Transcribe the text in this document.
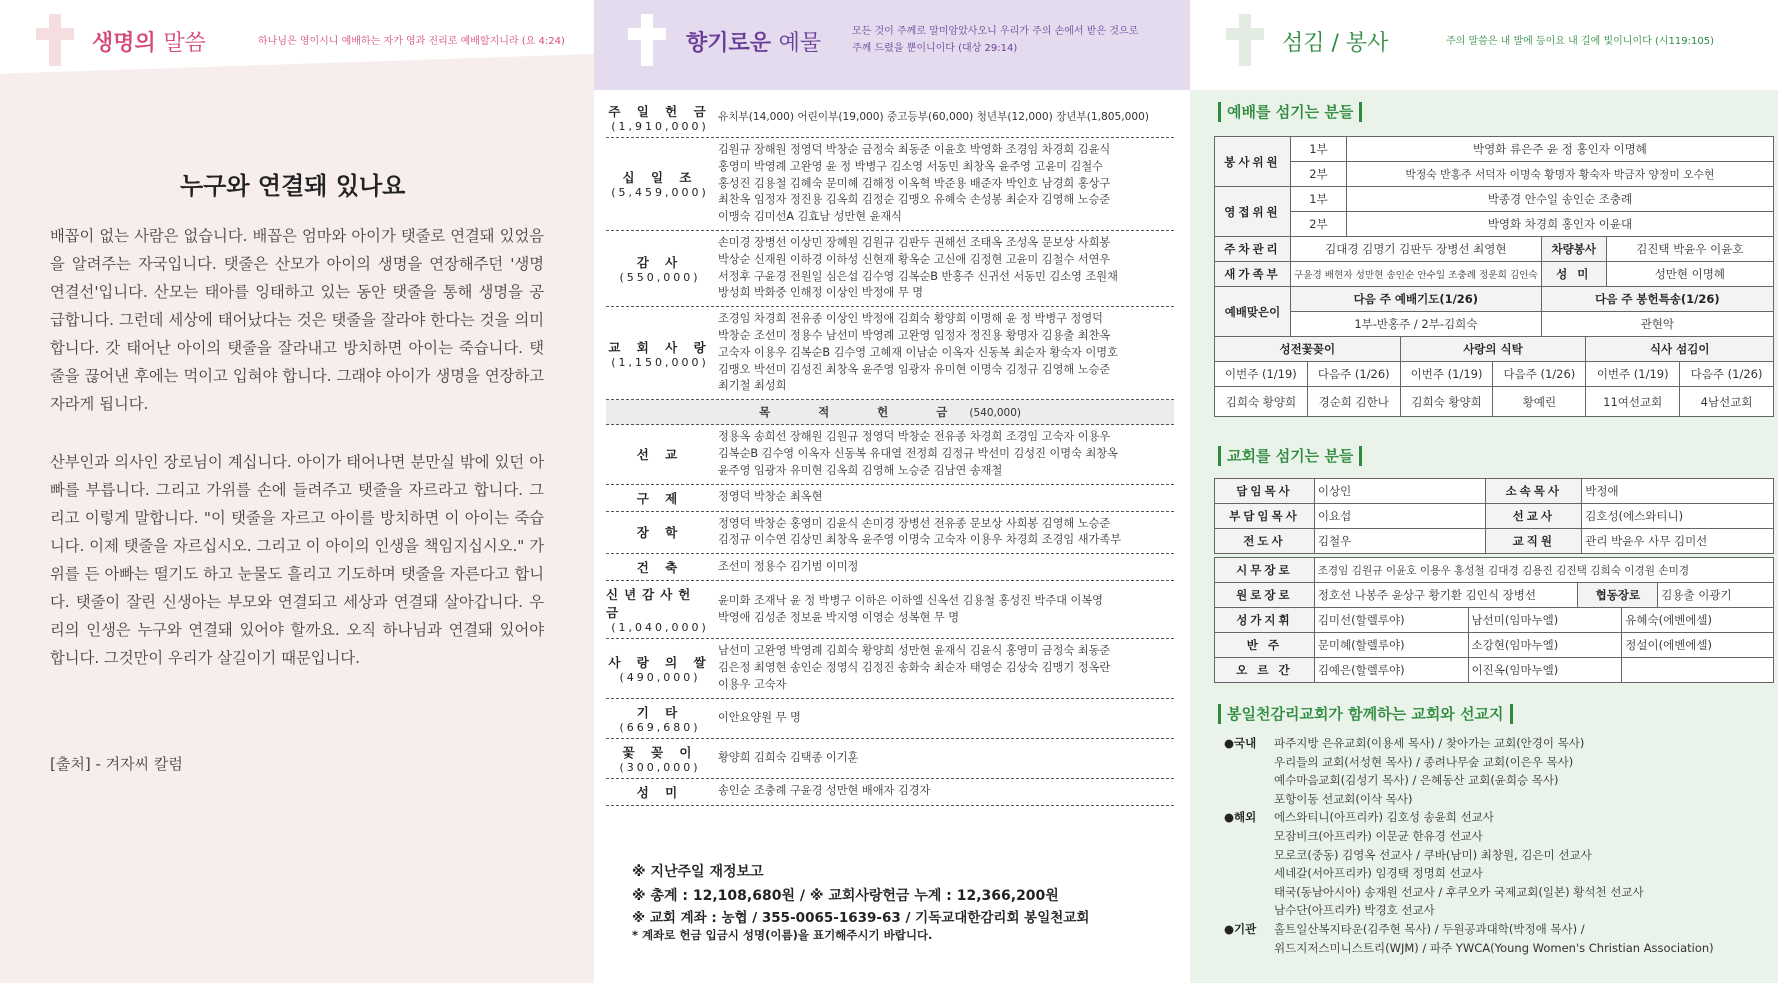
생명의 말씀	하나님은 영이시니 예배하는 자가 영과 진리로 예배할지니라 (요 4:24)
누구와 연결돼 있나요
배꼽이 없는 사람은 없습니다. 배꼽은 엄마와 아이가 탯줄로 연결돼 있었음을 알려주는 자국입니다. 탯줄은 산모가 아이의 생명을 연장해주던 '생명 연결선'입니다. 산모는 태아를 잉태하고 있는 동안 탯줄을 통해 생명을 공급합니다. 그런데 세상에 태어났다는 것은 탯줄을 잘라야 한다는 것을 의미합니다. 갓 태어난 아이의 탯줄을 잘라내고 방치하면 아이는 죽습니다. 탯줄을 끊어낸 후에는 먹이고 입혀야 합니다. 그래야 아이가 생명을 연장하고 자라게 됩니다.
산부인과 의사인 장로님이 계십니다. 아이가 태어나면 분만실 밖에 있던 아빠를 부릅니다. 그리고 가위를 손에 들려주고 탯줄을 자르라고 합니다. 그리고 이렇게 말합니다. "이 탯줄을 자르고 아이를 방치하면 이 아이는 죽습니다. 이제 탯줄을 자르십시오. 그리고 이 아이의 인생을 책임지십시오." 가위를 든 아빠는 떨기도 하고 눈물도 흘리고 기도하며 탯줄을 자른다고 합니다. 탯줄이 잘린 신생아는 부모와 연결되고 세상과 연결돼 살아갑니다. 우리의 인생은 누구와 연결돼 있어야 할까요. 오직 하나님과 연결돼 있어야 합니다. 그것만이 우리가 살길이기 때문입니다.
[출처] - 겨자씨 칼럼
향기로운 예물	모든 것이 주께로 말미암았사오니 우리가 주의 손에서 받은 것으로
주께 드렸을 뿐이니이다 (대상 29:14)
주 일 헌 금
(1,910,000)
유치부(14,000) 어린이부(19,000) 중고등부(60,000) 청년부(12,000) 장년부(1,805,000)
십 일 조
(5,459,000)
김원규 장해원 정영덕 박창순 금정숙 최동준 이윤호 박영화 조경임 차경희 김윤식
홍영미 박영례 고완영 윤 정 박병구 김소영 서동민 최창옥 윤주영 고윤미 김철수
홍성진 김용철 김혜숙 문미혜 김해정 이옥혁 박준용 배준자 박인호 남경희 홍상구
최찬옥 임정자 정진용 김옥희 김정순 김맹오 유혜숙 손성봉 최순자 김영해 노승준
이맹숙 김미선A 김효남 성만현 윤재식
감 사
(550,000)
손미경 장병선 이상민 장혜원 김원규 김판두 권해선 조태옥 조성옥 문보상 사희봉
박상순 신재원 이하경 이하성 신현재 황옥순 고신애 김정현 고윤미 김철수 서연우
서정후 구윤경 전원일 심은섭 김수영 김복순B 반홍주 신귀선 서동민 김소영 조원채
방성희 박화중 인해정 이상인 박정애 무 명
교 회 사 랑
(1,150,000)
조경임 차경희 전유종 이상인 박정애 김희숙 황양희 이명해 윤 정 박병구 정영덕
박창순 조선미 정용수 남선미 박영례 고완영 임정자 정진용 황명자 김용출 최찬옥
고숙자 이용우 김복순B 김수영 고혜재 이남순 이옥자 신동복 최순자 황숙자 이명호
김맹오 박선미 김성진 최창옥 윤주영 임광자 유미현 이명숙 김정규 김영해 노승준
최기철 최성희
목 적 헌 금(540,000)
선 교
정용옥 송희선 장해원 김원규 정영덕 박창순 전유종 차경희 조경임 고숙자 이용우
김복순B 김수영 이옥자 신동복 유대열 전정희 김정규 박선미 김성진 이명숙 최창옥
윤주영 임광자 유미현 김옥희 김영해 노승준 김남연 송재철
구 제	정영덕 박창순 최옥현
장 학
정영덕 박창순 홍영미 김윤식 손미경 장병선 전유종 문보상 사희봉 김영해 노승준
김정규 이수연 김상민 최창옥 윤주영 이명숙 고숙자 이용우 차경희 조경임 새가족부
건 축	조선미 정용수 김기범 이미정
신년감사헌금
(1,040,000)
윤미화 조재낙 윤 정 박병구 이하은 이하엘 신옥선 김용철 홍성진 박주대 이복영
박영애 김성준 정보윤 박지영 이영순 성복현 무 명
사 랑 의 쌀
(490,000)
남선미 고완영 박영례 김희숙 황양희 성만현 윤재식 김윤식 홍영미 금정숙 최동준
김은정 최영현 송인순 정영식 김정진 송화숙 최순자 태영순 김상숙 김맹기 정옥란
이용우 고숙자
기 타
(669,680)
이안요양원 무 명
꽃 꽂 이
(300,000)
황양희 김희숙 김택종 이기훈
성 미	송인순 조충례 구윤경 성만현 배애자 김경자
※ 지난주일 재정보고
※ 총계 : 12,108,680원 / ※ 교회사랑헌금 누계 : 12,366,200원
※ 교회 계좌 : 농협 / 355-0065-1639-63 / 기독교대한감리회 봉일천교회
* 계좌로 헌금 입금시 성명(이름)을 표기해주시기 바랍니다.
섬김 / 봉사	주의 말씀은 내 발에 등이요 내 길에 빛이니이다 (시119:105)
예배를 섬기는 분들
봉사위원	1부	박영화 류은주 윤 정 홍인자 이명혜		
	2부	박정숙 반홍주 서덕자 이명숙 황명자 황숙자 박금자 양정미 오수현		
영접위원	1부	박종경 안수일 송인순 조충례		
	2부	박영화 차경희 홍인자 이윤대		
주차관리	김대경 김명기 김판두 장병선 최영현		차량봉사	김진택 박윤우 이윤호
새가족부	구윤경 배현자 성만현 송인순 안수일 조충례 정운희 김인숙		성 미	성만현 이명혜
예배맞은이	다음 주 예배기도(1/26)		다음 주 봉헌특송(1/26)	
	1부-반홍주 / 2부-김희숙		관현악	
성전꽃꽂이		사랑의 식탁		식사 섬김이	
이번주 (1/19)	다음주 (1/26)	이번주 (1/19)	다음주 (1/26)	이번주 (1/19)	다음주 (1/26)
김희숙 황양희	경순희 김한나	김희숙 황양희	황예린	11여선교회	4남선교회
교회를 섬기는 분들
담임목사	이상인	소속목사	박정애
부담임목사	이요섭	선교사	김호성(에스와티니)
전도사	김철우	교직원	관리 박윤우 사무 김미선
시무장로	조경임 김원규 이윤호 이용우 홍성철 김대경 김용진 김진택 김희숙 이경원 손미경
원로장로	정호선 나봉주 윤상구 황기환 김인식 장병선	협동장로	김용출 이광기
성가지휘	김미선(할렐루야)	남선미(임마누엘)	유혜숙(에벤에셀)
반 주	문미혜(할렐루야)	소강현(임마누엘)	정설이(에벤에셀)
오 르 간	김예은(할렐루야)	이진옥(임마누엘)	
봉일천감리교회가 함께하는 교회와 선교지
●국내	파주지방 은유교회(이용세 목사) / 찾아가는 교회(안경이 목사)
우리들의 교회(서성현 목사) / 종려나무숲 교회(이은우 목사)
예수마음교회(김성기 목사) / 은혜동산 교회(윤희승 목사)
포항이동 선교회(이삭 목사)
●해외	에스와티니(아프리카) 김호성 송윤희 선교사
모잠비크(아프리카) 이문균 한유경 선교사
모로코(중동) 김영옥 선교사 / 쿠바(남미) 최창원, 김은미 선교사
세네갈(서아프리카) 임경택 정명희 선교사
태국(동남아시아) 송재원 선교사 / 후쿠오카 국제교회(일본) 황석천 선교사
남수단(아프리카) 박경호 선교사
●기관	홀트일산복지타운(김주현 목사) / 두원공과대학(박정애 목사) /
위드지저스미니스트리(WJM) / 파주 YWCA(Young Women's Christian Association)
